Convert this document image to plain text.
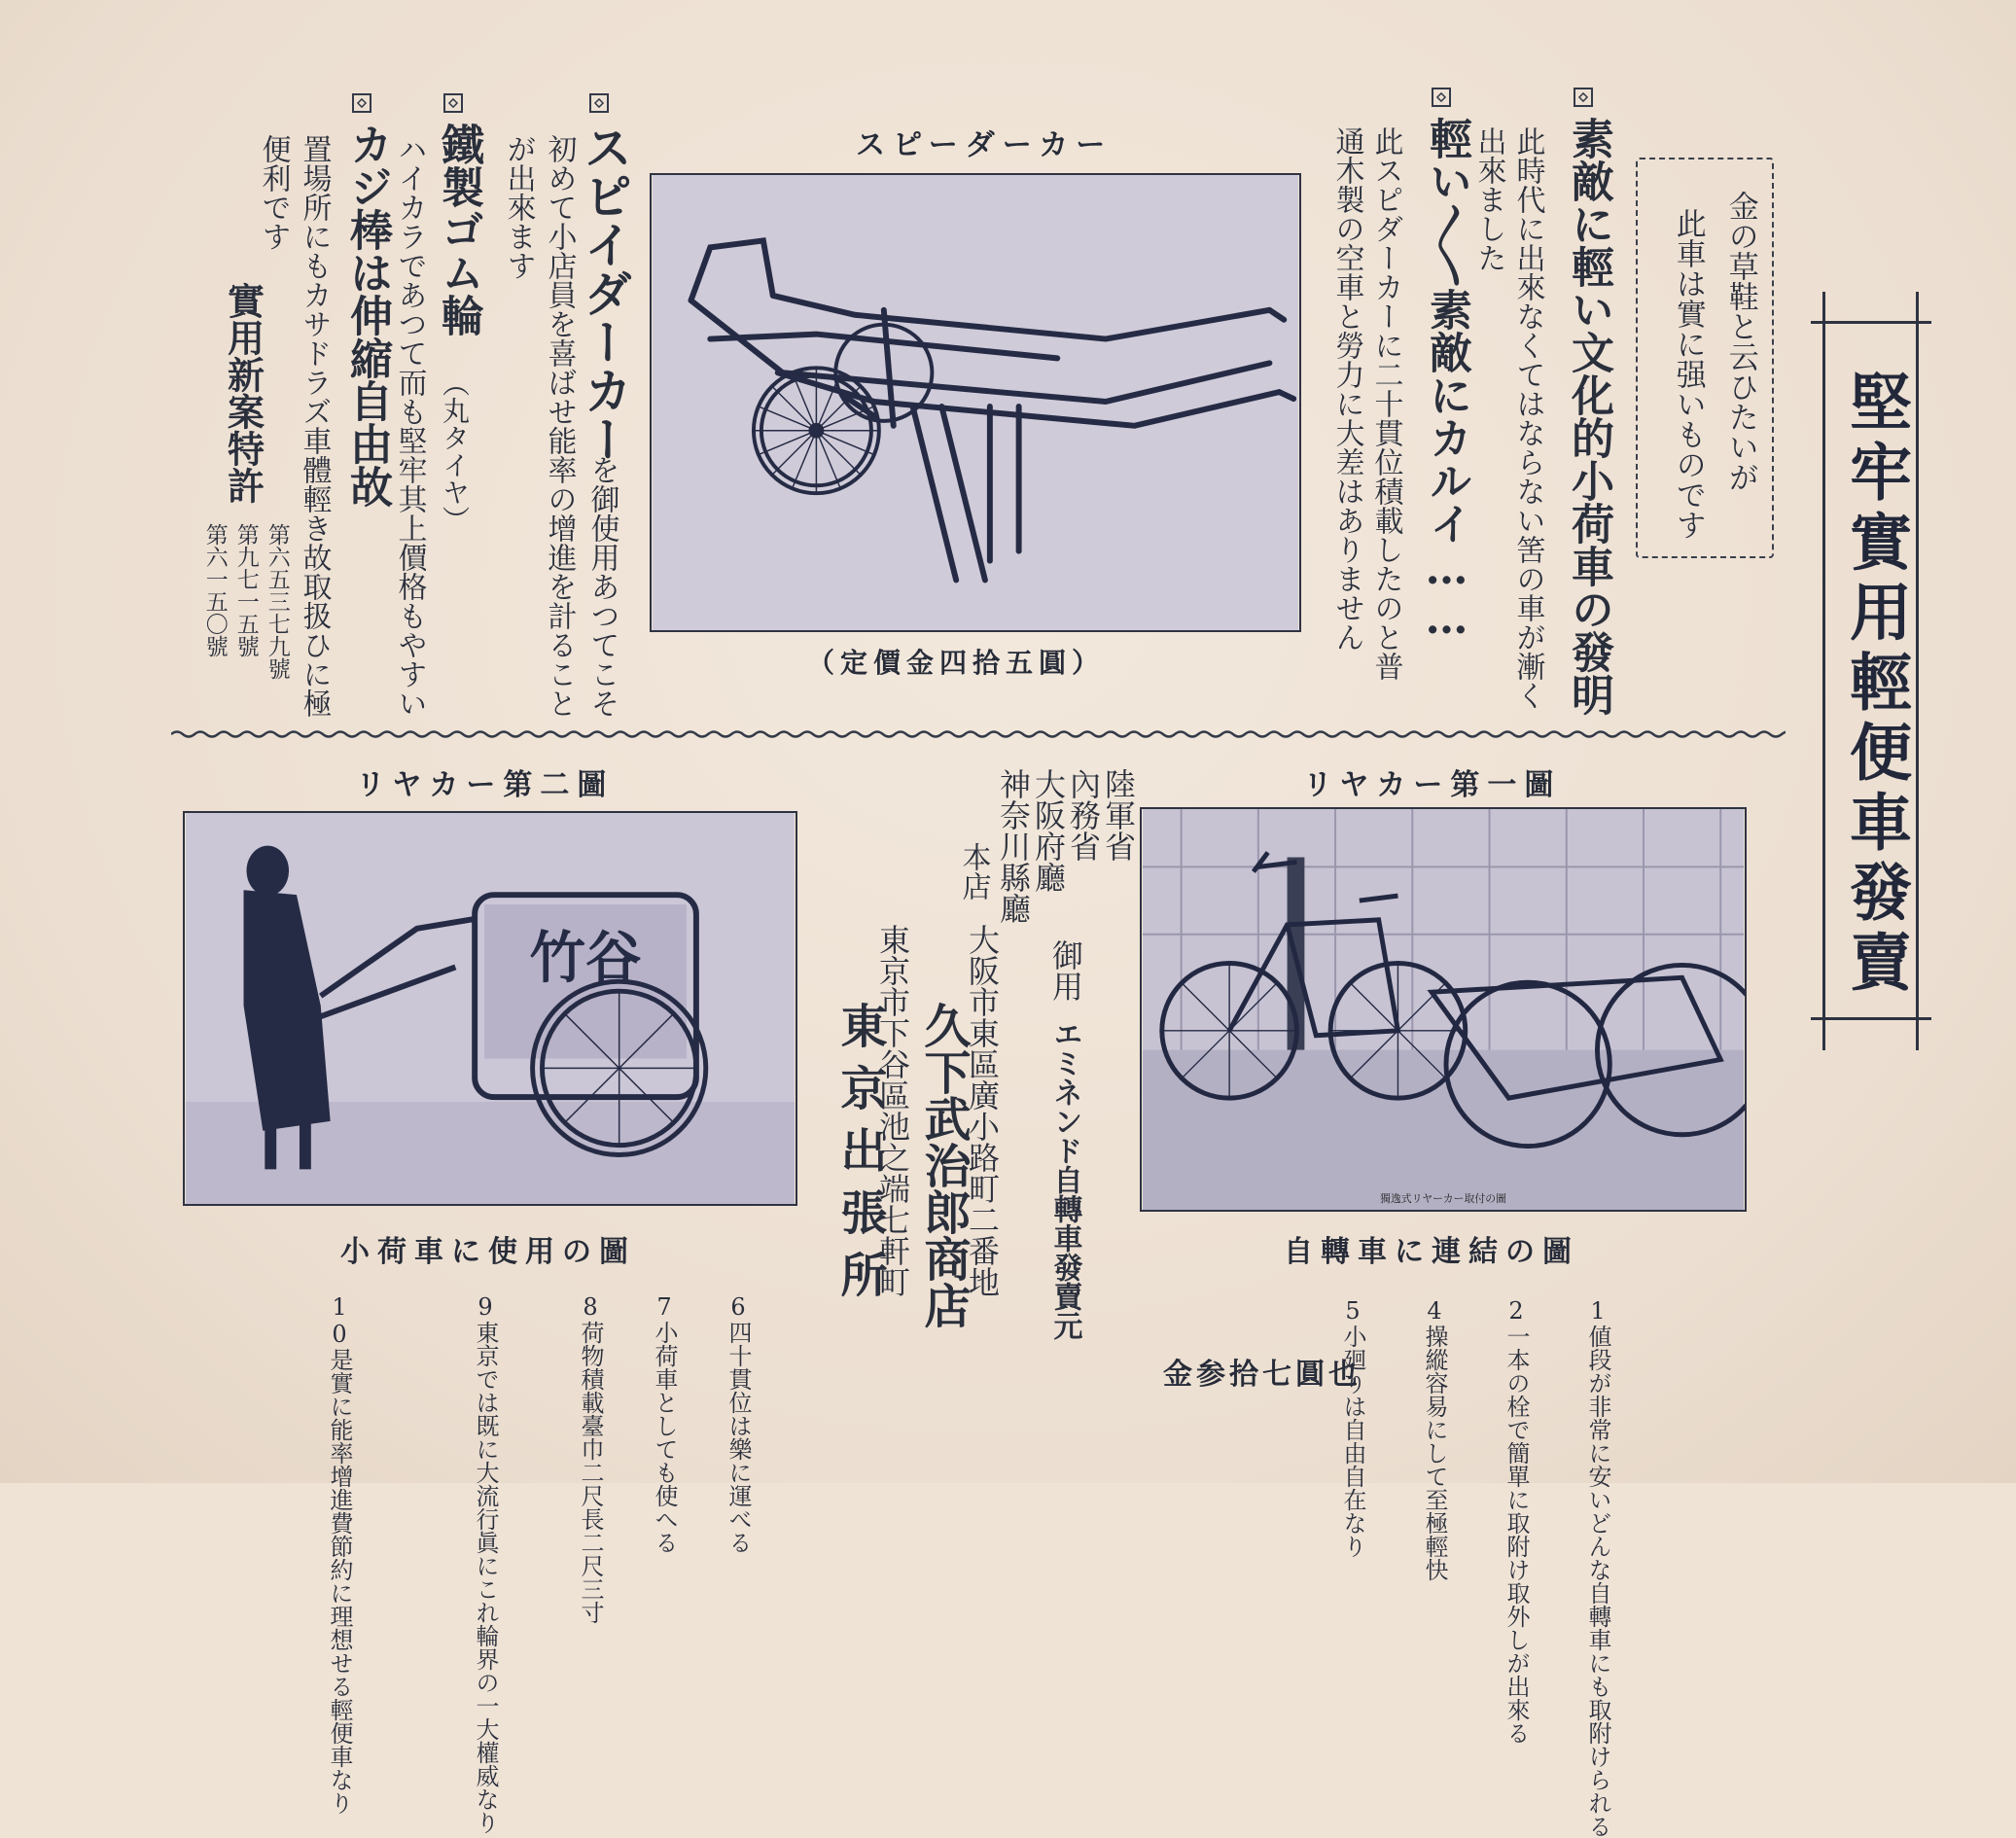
堅牢實用輕便車發賣
金の草鞋と云ひたいが
此車は實に强いものです
素敵に輕い文化的小荷車の發明
此時代に出來なくてはならない筈の車が漸く
出來ました
輕い〳〵素敵にカルイ……
此スピダーカーに二十貫位積載したのと普
通木製の空車と勞力に大差はありません
スピーダーカー
（定價金四拾五圓）
スピイダーカー
を御使用あつてこそ
初めて小店員を喜ばせ能率の增進を計ること
が出來ます
鐵製ゴム輪
（丸タイヤ）
ハイカラであつて而も堅牢其上價格もやすい
カジ棒は伸縮自由故
置場所にもカサドラズ車體輕き故取扱ひに極
便利です
實用新案特許
第六五三七九號
第九七一五號
第六一五〇號
リヤカー第一圖
獨逸式リヤーカー取付の圖
自轉車に連結の圖
リヤカー第二圖
竹谷
小荷車に使用の圖
陸軍省
內務省
大阪府廳
神奈川縣廳
御用
エミネンド自轉車發賣元
本店
大阪市東區廣小路町二番地
久下武治郎商店
東京市下谷區池之端七軒町
東京出張所
金参拾七圓也	1値段が非常に安いどんな自轉車にも取附けられる
2一本の栓で簡單に取附け取外しが出來る
4操縱容易にして至極輕快
5小廻りは自由自在なり
6四十貫位は樂に運べる
7小荷車としても使へる
8荷物積載臺巾二尺長二尺三寸
9東京では既に大流行眞にこれ輪界の一大權威なり
10是實に能率增進費節約に理想せる輕便車なり
